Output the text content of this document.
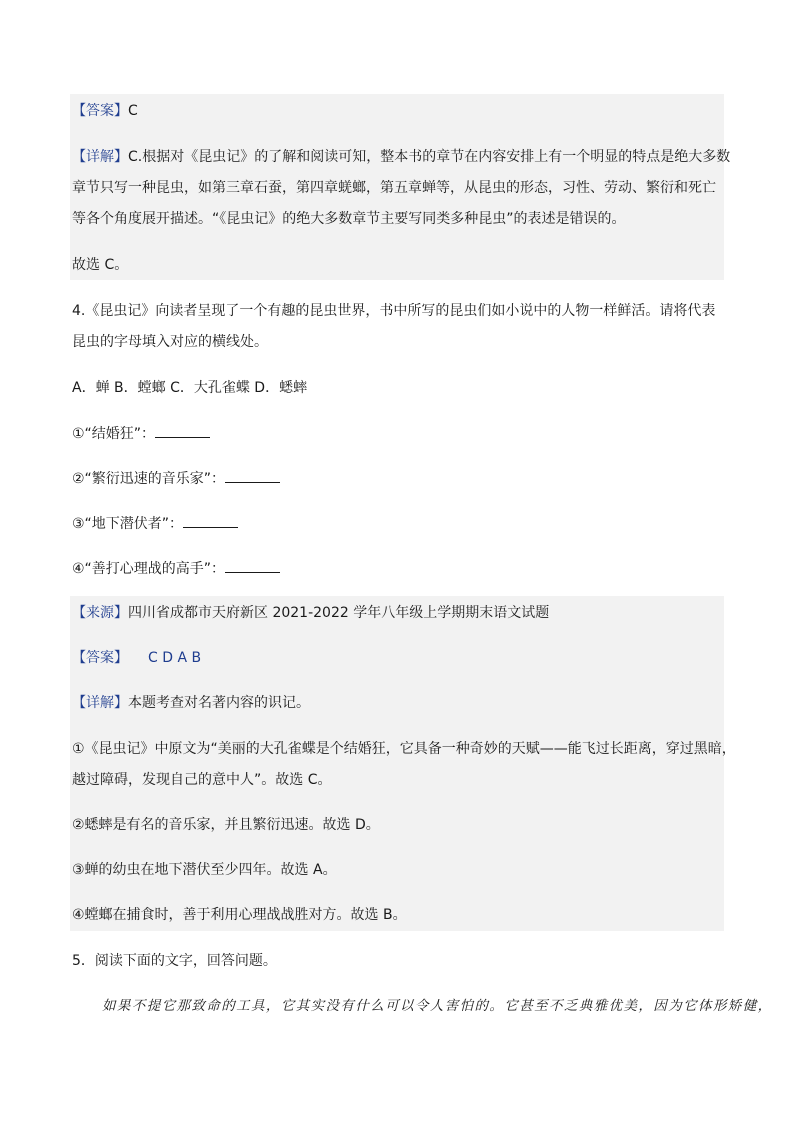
【答案】C
【详解】C.根据对《昆虫记》的了解和阅读可知，整本书的章节在内容安排上有一个明显的特点是绝大多数
章节只写一种昆虫，如第三章石蚕，第四章蜣螂，第五章蝉等，从昆虫的形态，习性、劳动、繁衍和死亡
等各个角度展开描述。“《昆虫记》的绝大多数章节主要写同类多种昆虫”的表述是错误的。
故选 C。
4.《昆虫记》向读者呈现了一个有趣的昆虫世界，书中所写的昆虫们如小说中的人物一样鲜活。请将代表
昆虫的字母填入对应的横线处。
A．蝉 B．螳螂 C．大孔雀蝶 D．蟋蟀
①“结婚狂”：
②“繁衍迅速的音乐家”：
③“地下潜伏者”：
④“善打心理战的高手”：
【来源】四川省成都市天府新区 2021-2022 学年八年级上学期期末语文试题
【答案】 C D A B
【详解】本题考查对名著内容的识记。
①《昆虫记》中原文为“美丽的大孔雀蝶是个结婚狂，它具备一种奇妙的天赋——能飞过长距离，穿过黑暗，
越过障碍，发现自己的意中人”。故选 C。
②蟋蟀是有名的音乐家，并且繁衍迅速。故选 D。
③蝉的幼虫在地下潜伏至少四年。故选 A。
④螳螂在捕食时，善于利用心理战战胜对方。故选 B。
5．阅读下面的文字，回答问题。
如果不提它那致命的工具，它其实没有什么可以令人害怕的。它甚至不乏典雅优美，因为它体形矫健，
